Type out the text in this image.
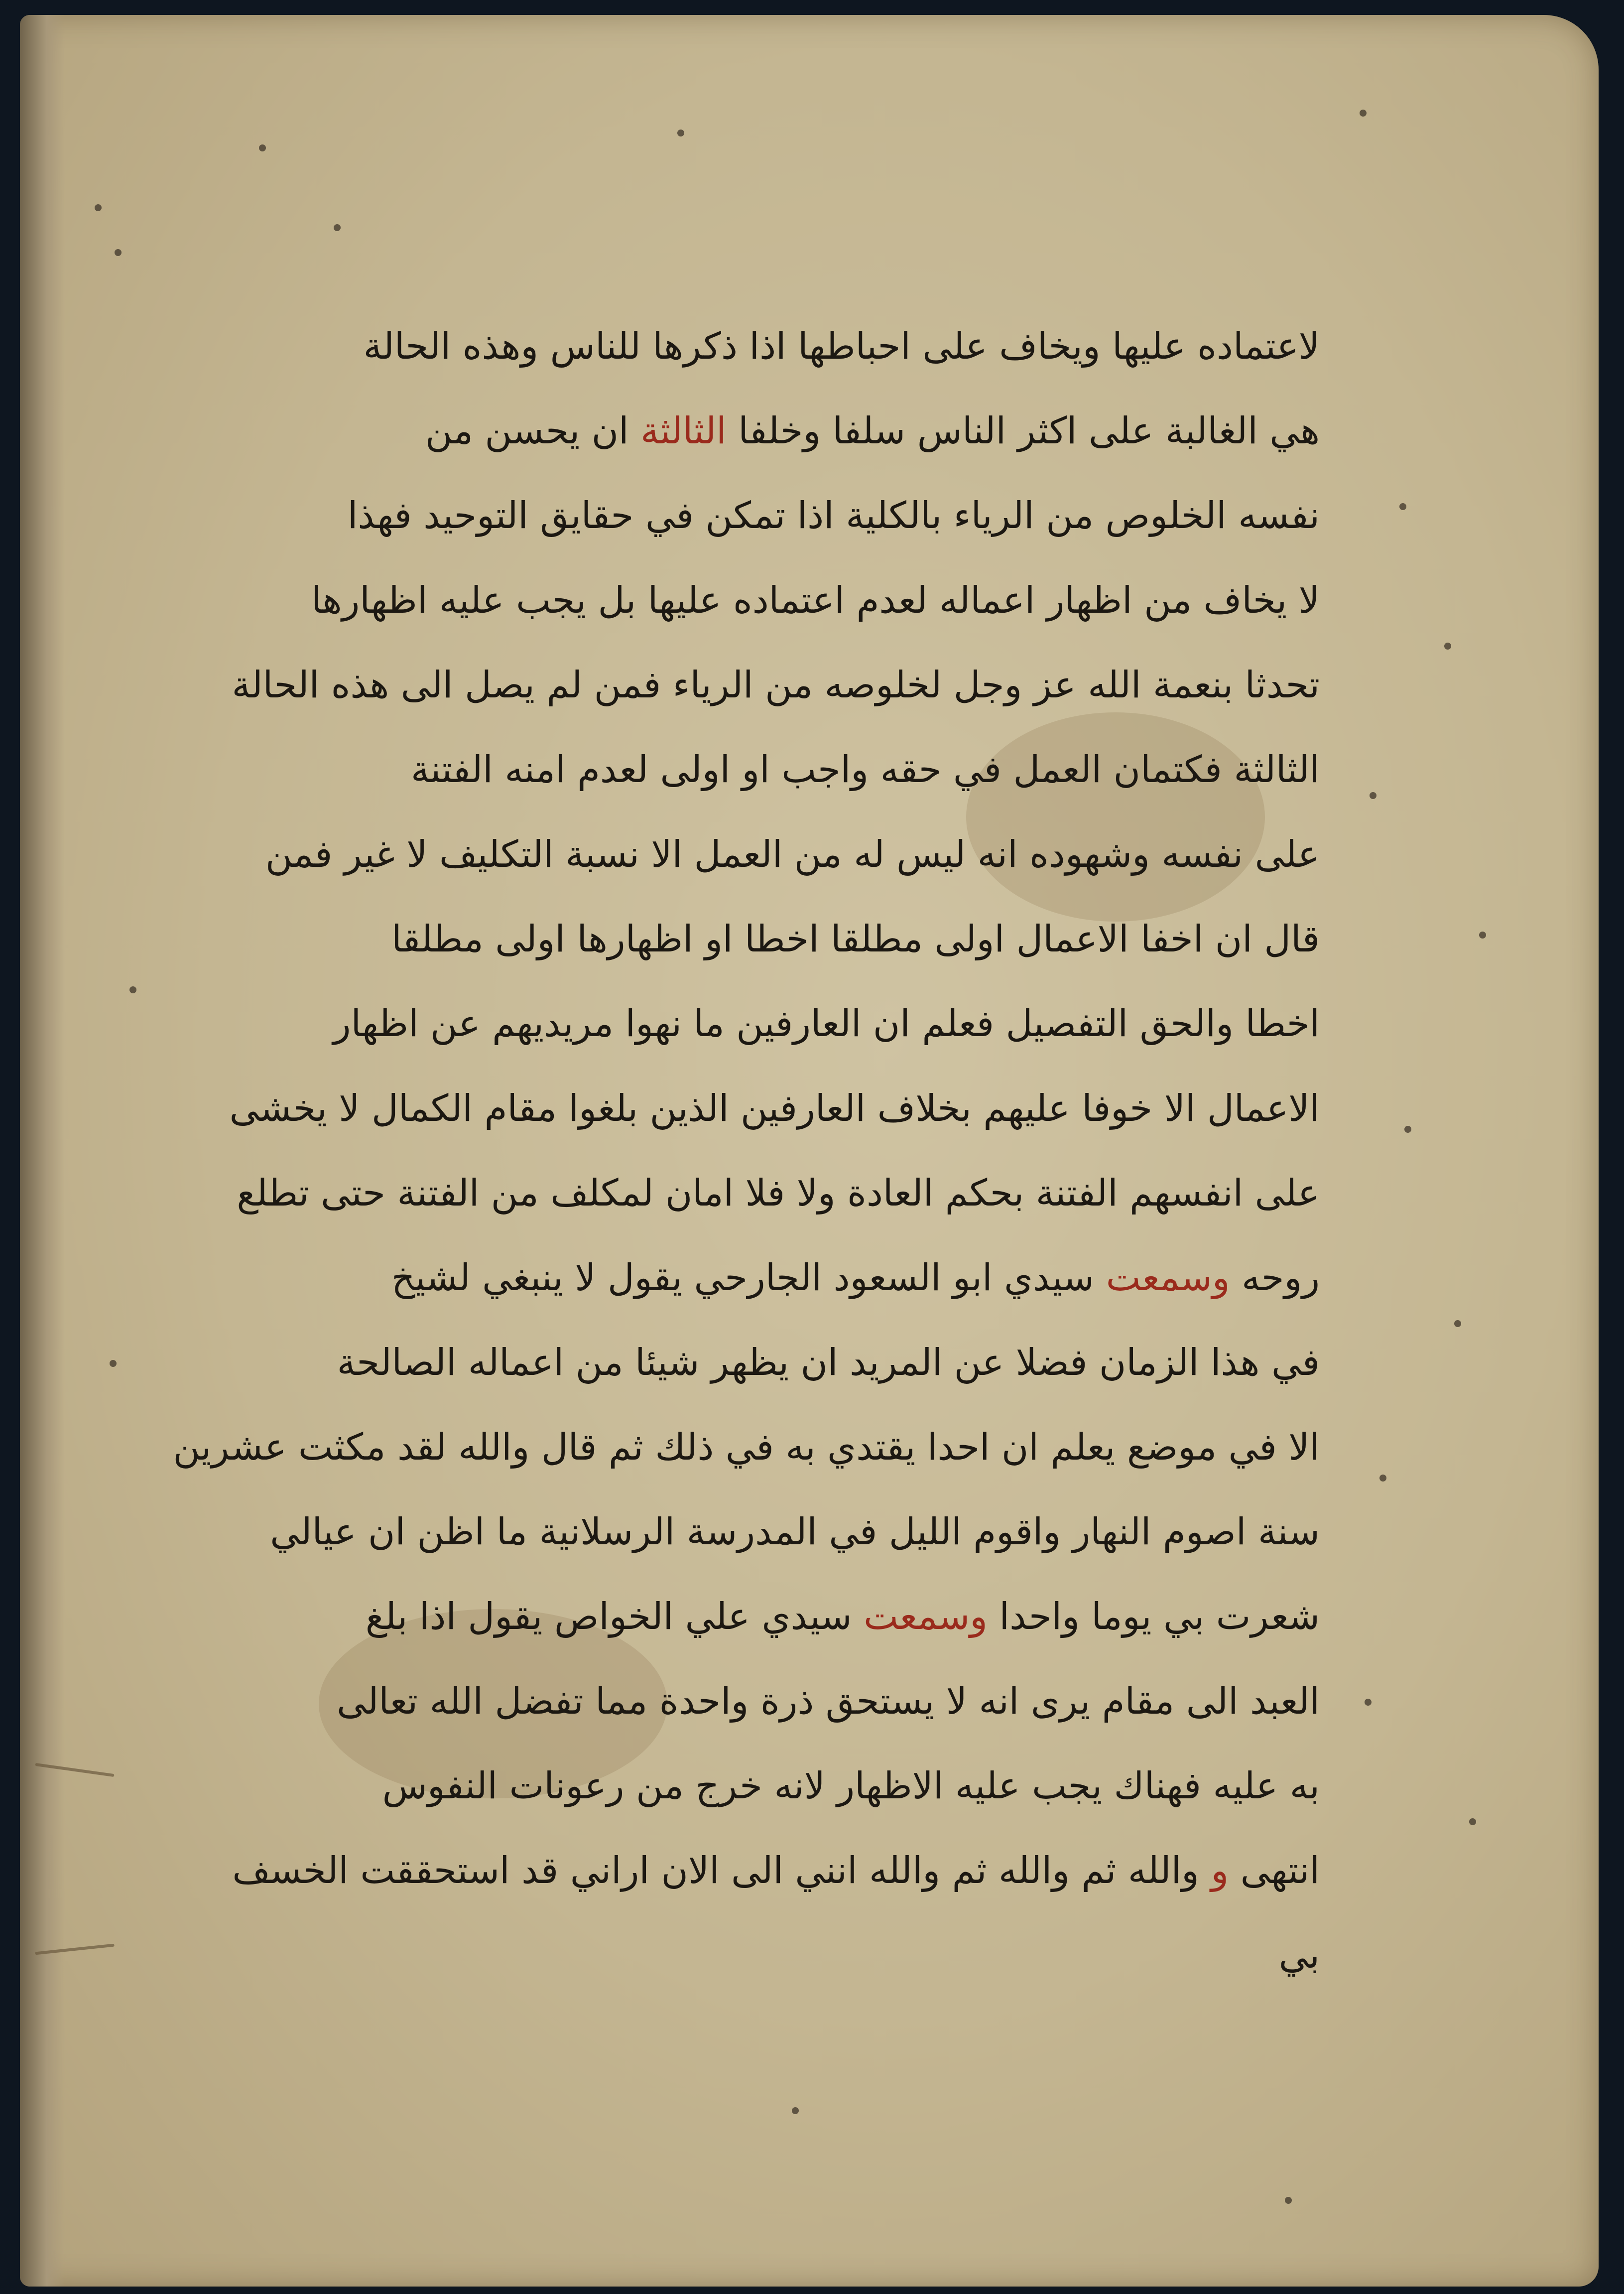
لاعتماده عليها ويخاف على احباطها اذا ذكرها للناس وهذه الحالة
هي الغالبة على اكثر الناس سلفا وخلفا الثالثة ان يحسن من
نفسه الخلوص من الرياء بالكلية اذا تمكن في حقايق التوحيد فهذا
لا يخاف من اظهار اعماله لعدم اعتماده عليها بل يجب عليه اظهارها
تحدثا بنعمة الله عز وجل لخلوصه من الرياء فمن لم يصل الى هذه الحالة
الثالثة فكتمان العمل في حقه واجب او اولى لعدم امنه الفتنة
على نفسه وشهوده انه ليس له من العمل الا نسبة التكليف لا غير فمن
قال ان اخفا الاعمال اولى مطلقا اخطا او اظهارها اولى مطلقا
اخطا والحق التفصيل فعلم ان العارفين ما نهوا مريديهم عن اظهار
الاعمال الا خوفا عليهم بخلاف العارفين الذين بلغوا مقام الكمال لا يخشى
على انفسهم الفتنة بحكم العادة ولا فلا امان لمكلف من الفتنة حتى تطلع
روحه وسمعت سيدي ابو السعود الجارحي يقول لا ينبغي لشيخ
في هذا الزمان فضلا عن المريد ان يظهر شيئا من اعماله الصالحة
الا في موضع يعلم ان احدا يقتدي به في ذلك ثم قال والله لقد مكثت عشرين
سنة اصوم النهار واقوم الليل في المدرسة الرسلانية ما اظن ان عيالي
شعرت بي يوما واحدا وسمعت سيدي علي الخواص يقول اذا بلغ
العبد الى مقام يرى انه لا يستحق ذرة واحدة مما تفضل الله تعالى
به عليه فهناك يجب عليه الاظهار لانه خرج من رعونات النفوس
انتهى و والله ثم والله ثم والله انني الى الان اراني قد استحققت الخسف
بي
